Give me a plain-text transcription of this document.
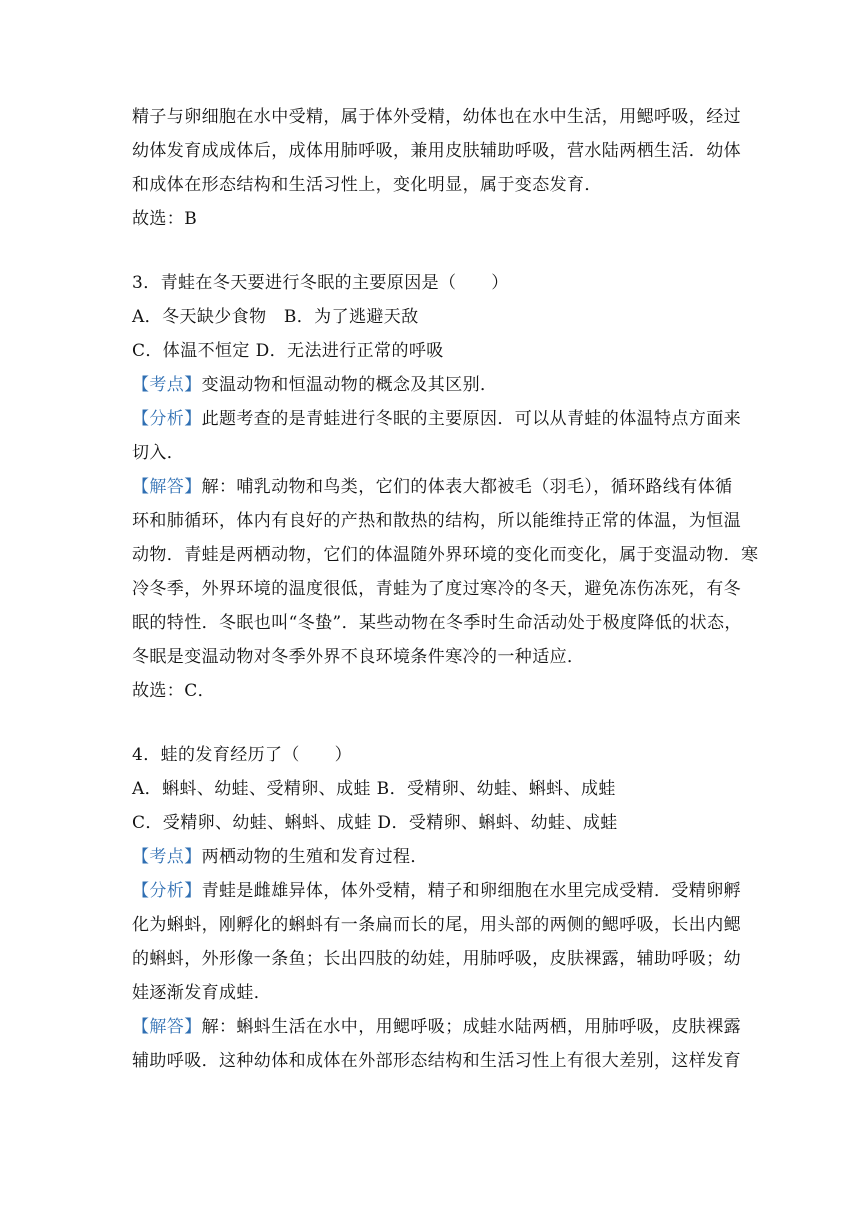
精子与卵细胞在水中受精，属于体外受精，幼体也在水中生活，用鳃呼吸，经过
幼体发育成成体后，成体用肺呼吸，兼用皮肤辅助呼吸，营水陆两栖生活．幼体
和成体在形态结构和生活习性上，变化明显，属于变态发育．
故选：B
3．青蛙在冬天要进行冬眠的主要原因是（　　）
A．冬天缺少食物　B．为了逃避天敌
C．体温不恒定 D．无法进行正常的呼吸
【考点】变温动物和恒温动物的概念及其区别．
【分析】此题考查的是青蛙进行冬眠的主要原因．可以从青蛙的体温特点方面来
切入．
【解答】解：哺乳动物和鸟类，它们的体表大都被毛（羽毛），循环路线有体循
环和肺循环，体内有良好的产热和散热的结构，所以能维持正常的体温，为恒温
动物．青蛙是两栖动物，它们的体温随外界环境的变化而变化，属于变温动物．寒
冷冬季，外界环境的温度很低，青蛙为了度过寒冷的冬天，避免冻伤冻死，有冬
眠的特性．冬眠也叫“冬蛰”．某些动物在冬季时生命活动处于极度降低的状态，
冬眠是变温动物对冬季外界不良环境条件寒冷的一种适应．
故选：C．
4．蛙的发育经历了（　　）
A．蝌蚪、幼蛙、受精卵、成蛙 B．受精卵、幼蛙、蝌蚪、成蛙
C．受精卵、幼蛙、蝌蚪、成蛙 D．受精卵、蝌蚪、幼蛙、成蛙
【考点】两栖动物的生殖和发育过程．
【分析】青蛙是雌雄异体，体外受精，精子和卵细胞在水里完成受精．受精卵孵
化为蝌蚪，刚孵化的蝌蚪有一条扁而长的尾，用头部的两侧的鳃呼吸，长出内鳃
的蝌蚪，外形像一条鱼；长出四肢的幼娃，用肺呼吸，皮肤裸露，辅助呼吸；幼
娃逐渐发育成蛙．
【解答】解：蝌蚪生活在水中，用鳃呼吸；成蛙水陆两栖，用肺呼吸，皮肤裸露
辅助呼吸．这种幼体和成体在外部形态结构和生活习性上有很大差别，这样发育
